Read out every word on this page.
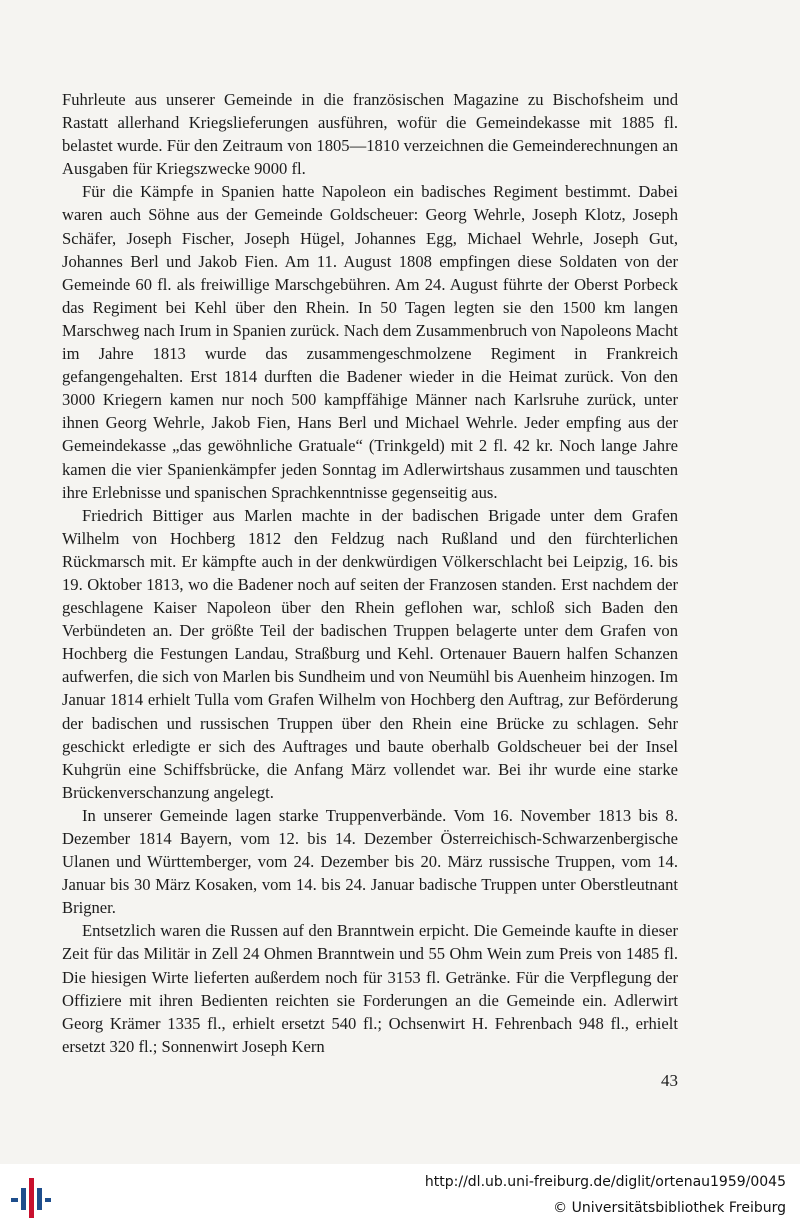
Fuhrleute aus unserer Gemeinde in die französischen Magazine zu Bischofsheim und Rastatt allerhand Kriegslieferungen ausführen, wofür die Gemeindekasse mit 1885 fl. belastet wurde. Für den Zeitraum von 1805—1810 verzeichnen die Gemeinderechnungen an Ausgaben für Kriegszwecke 9000 fl.

Für die Kämpfe in Spanien hatte Napoleon ein badisches Regiment bestimmt. Dabei waren auch Söhne aus der Gemeinde Goldscheuer: Georg Wehrle, Joseph Klotz, Joseph Schäfer, Joseph Fischer, Joseph Hügel, Johannes Egg, Michael Wehrle, Joseph Gut, Johannes Berl und Jakob Fien. Am 11. August 1808 empfingen diese Soldaten von der Gemeinde 60 fl. als freiwillige Marschgebühren. Am 24. August führte der Oberst Porbeck das Regiment bei Kehl über den Rhein. In 50 Tagen legten sie den 1500 km langen Marschweg nach Irum in Spanien zurück. Nach dem Zusammenbruch von Napoleons Macht im Jahre 1813 wurde das zusammengeschmolzene Regiment in Frankreich gefangengehalten. Erst 1814 durften die Badener wieder in die Heimat zurück. Von den 3000 Kriegern kamen nur noch 500 kampffähige Männer nach Karlsruhe zurück, unter ihnen Georg Wehrle, Jakob Fien, Hans Berl und Michael Wehrle. Jeder empfing aus der Gemeindekasse „das gewöhnliche Gratuale“ (Trinkgeld) mit 2 fl. 42 kr. Noch lange Jahre kamen die vier Spanienkämpfer jeden Sonntag im Adlerwirtshaus zusammen und tauschten ihre Erlebnisse und spanischen Sprachkenntnisse gegenseitig aus.

Friedrich Bittiger aus Marlen machte in der badischen Brigade unter dem Grafen Wilhelm von Hochberg 1812 den Feldzug nach Rußland und den fürchterlichen Rückmarsch mit. Er kämpfte auch in der denkwürdigen Völkerschlacht bei Leipzig, 16. bis 19. Oktober 1813, wo die Badener noch auf seiten der Franzosen standen. Erst nachdem der geschlagene Kaiser Napoleon über den Rhein geflohen war, schloß sich Baden den Verbündeten an. Der größte Teil der badischen Truppen belagerte unter dem Grafen von Hochberg die Festungen Landau, Straßburg und Kehl. Ortenauer Bauern halfen Schanzen aufwerfen, die sich von Marlen bis Sundheim und von Neumühl bis Auenheim hinzogen. Im Januar 1814 erhielt Tulla vom Grafen Wilhelm von Hochberg den Auftrag, zur Beförderung der badischen und russischen Truppen über den Rhein eine Brücke zu schlagen. Sehr geschickt erledigte er sich des Auftrages und baute oberhalb Goldscheuer bei der Insel Kuhgrün eine Schiffsbrücke, die Anfang März vollendet war. Bei ihr wurde eine starke Brückenverschanzung angelegt.

In unserer Gemeinde lagen starke Truppenverbände. Vom 16. November 1813 bis 8. Dezember 1814 Bayern, vom 12. bis 14. Dezember Österreichisch-Schwarzenbergische Ulanen und Württemberger, vom 24. Dezember bis 20. März russische Truppen, vom 14. Januar bis 30 März Kosaken, vom 14. bis 24. Januar badische Truppen unter Oberstleutnant Brigner.

Entsetzlich waren die Russen auf den Branntwein erpicht. Die Gemeinde kaufte in dieser Zeit für das Militär in Zell 24 Ohmen Branntwein und 55 Ohm Wein zum Preis von 1485 fl. Die hiesigen Wirte lieferten außerdem noch für 3153 fl. Getränke. Für die Verpflegung der Offiziere mit ihren Bedienten reichten sie Forderungen an die Gemeinde ein. Adlerwirt Georg Krämer 1335 fl., erhielt ersetzt 540 fl.; Ochsenwirt H. Fehrenbach 948 fl., erhielt ersetzt 320 fl.; Sonnenwirt Joseph Kern

43
http://dl.ub.uni-freiburg.de/diglit/ortenau1959/0045
© Universitätsbibliothek Freiburg
